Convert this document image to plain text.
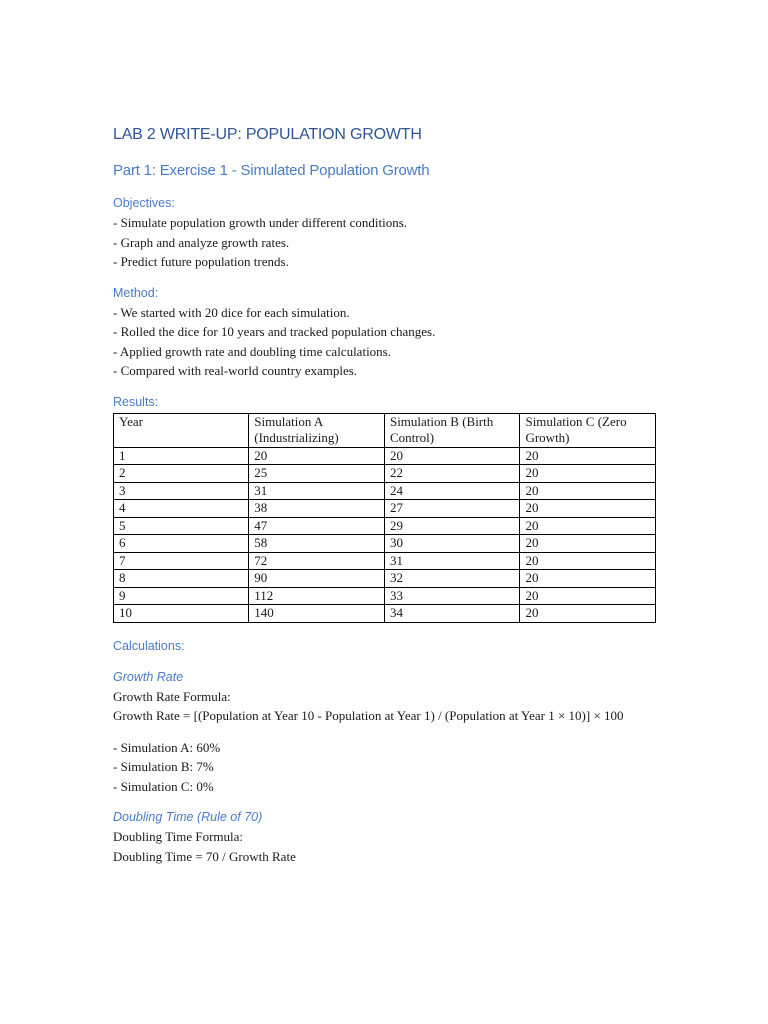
LAB 2 WRITE-UP: POPULATION GROWTH

Part 1: Exercise 1 - Simulated Population Growth

Objectives:

- Simulate population growth under different conditions.

- Graph and analyze growth rates.

- Predict future population trends.

Method:

- We started with 20 dice for each simulation.

- Rolled the dice for 10 years and tracked population changes.

- Applied growth rate and doubling time calculations.

- Compared with real-world country examples.

Results:

Year	Simulation A (Industrializing)	Simulation B (Birth Control)	Simulation C (Zero Growth)
1	20	20	20
2	25	22	20
3	31	24	20
4	38	27	20
5	47	29	20
6	58	30	20
7	72	31	20
8	90	32	20
9	112	33	20
10	140	34	20

Calculations:

Growth Rate

Growth Rate Formula:

Growth Rate = [(Population at Year 10 - Population at Year 1) / (Population at Year 1 × 10)] × 100

- Simulation A: 60%

- Simulation B: 7%

- Simulation C: 0%

Doubling Time (Rule of 70)

Doubling Time Formula:

Doubling Time = 70 / Growth Rate
